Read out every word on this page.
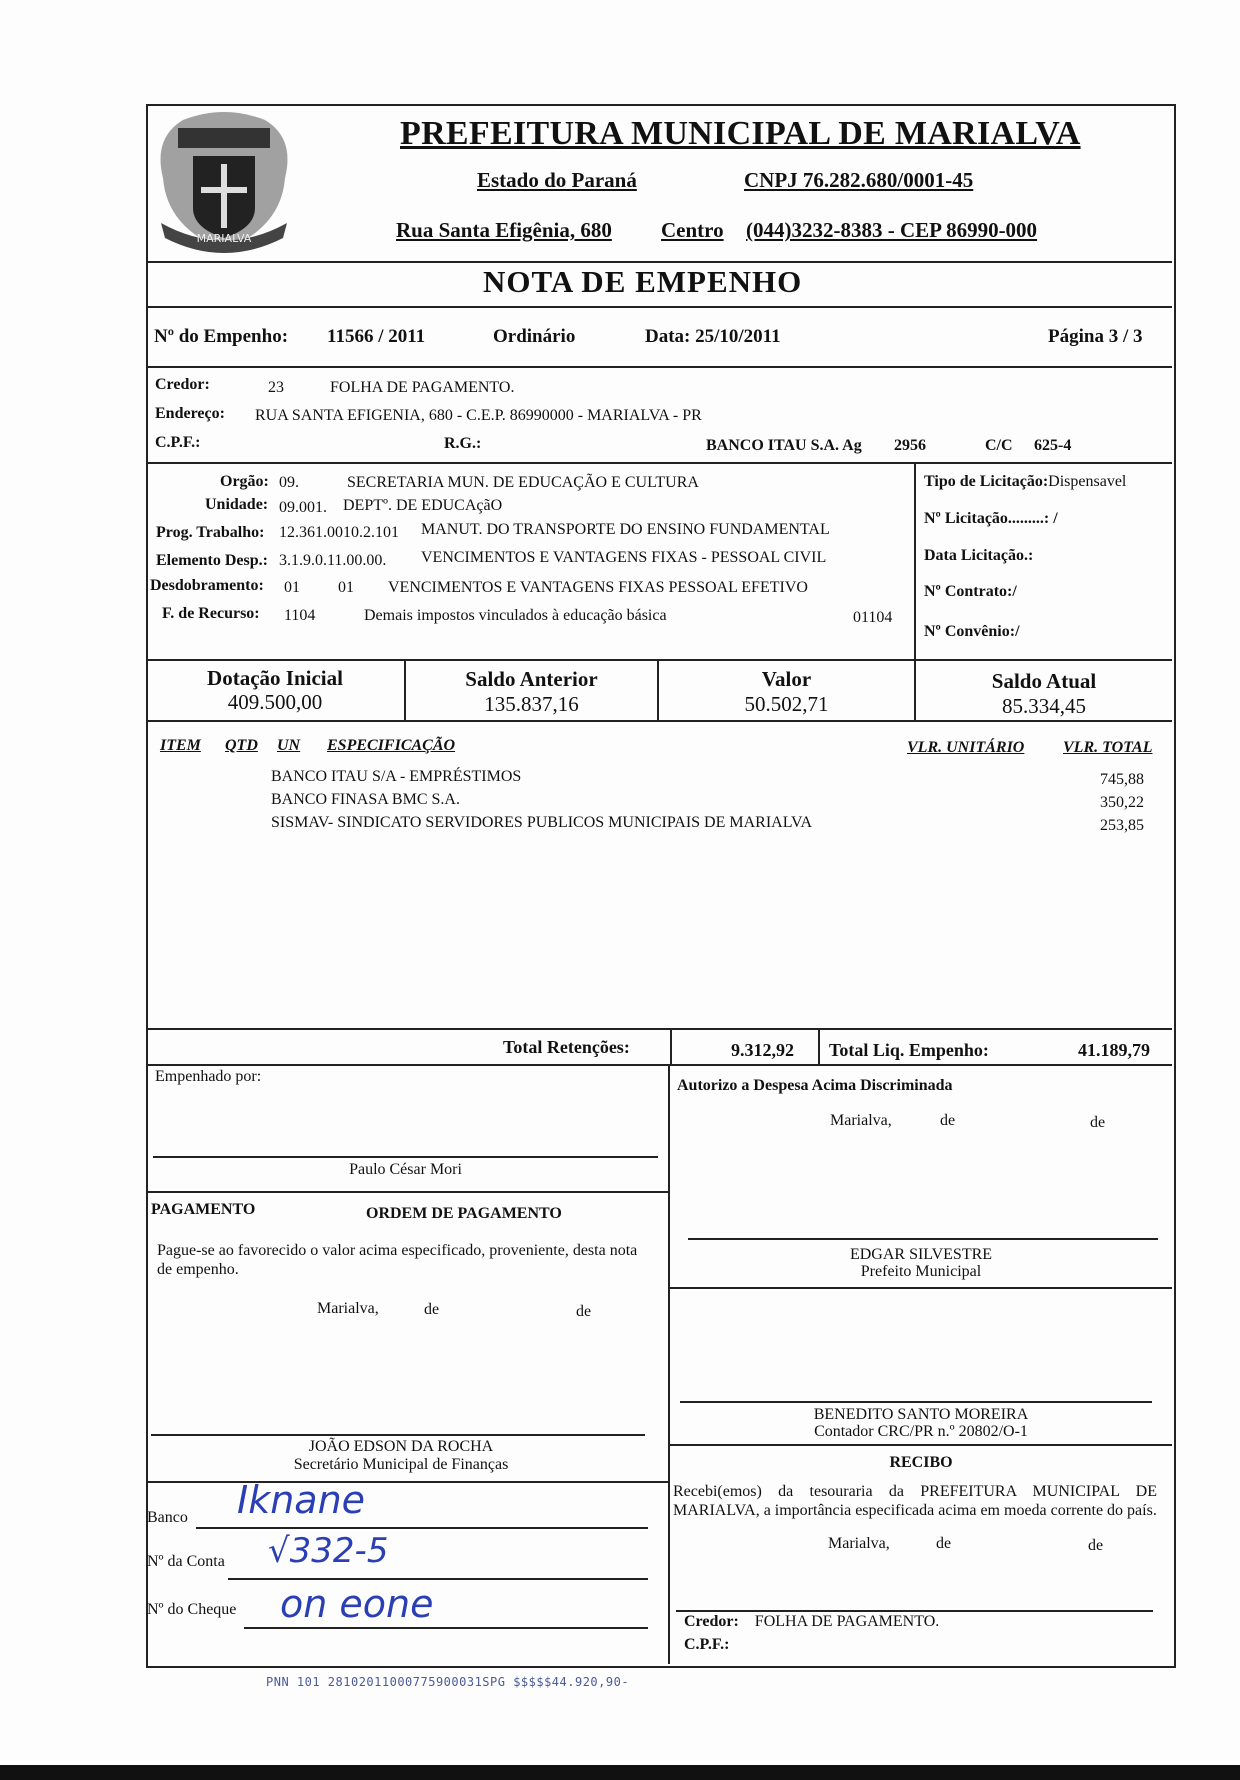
MARIALVA
PREFEITURA MUNICIPAL DE MARIALVA
Estado do Paraná	CNPJ 76.282.680/0001-45
Rua Santa Efigênia, 680 Centro (044)3232-8383 - CEP 86990-000
NOTA DE EMPENHO
Nº do Empenho: 11566 / 2011	Ordinário	Data: 25/10/2011	Página 3 / 3
Credor:	23	FOLHA DE PAGAMENTO.
Endereço: RUA SANTA EFIGENIA, 680 - C.E.P. 86990000 - MARIALVA - PR
C.P.F.:	R.G.:	BANCO ITAU S.A. Ag 2956	C/C 625-4
Orgão: 09.	SECRETARIA MUN. DE EDUCAÇÃO E CULTURA
Unidade: 09.001. DEPTº. DE EDUCAçãO
Prog. Trabalho: 12.361.0010.2.101 MANUT. DO TRANSPORTE DO ENSINO FUNDAMENTAL
Elemento Desp.: 3.1.9.0.11.00.00. VENCIMENTOS E VANTAGENS FIXAS - PESSOAL CIVIL
Desdobramento: 01 01 VENCIMENTOS E VANTAGENS FIXAS PESSOAL EFETIVO
F. de Recurso: 1104	Demais impostos vinculados à educação básica	01104
Tipo de Licitação:Dispensavel
Nº Licitação.........: /
Data Licitação.:
Nº Contrato:/
Nº Convênio:/
Dotação Inicial
409.500,00
Saldo Anterior
135.837,16
Valor
50.502,71
Saldo Atual
85.334,45
ITEM QTD UN ESPECIFICAÇÃO	VLR. UNITÁRIO VLR. TOTAL
BANCO ITAU S/A - EMPRÉSTIMOS	745,88
BANCO FINASA BMC S.A.	350,22
SISMAV- SINDICATO SERVIDORES PUBLICOS MUNICIPAIS DE MARIALVA	253,85
Total Retenções:	9.312,92 Total Liq. Empenho:	41.189,79
Empenhado por:
Paulo César Mori
Autorizo a Despesa Acima Discriminada
Marialva,	de	de
EDGAR SILVESTRE
Prefeito Municipal
PAGAMENTO	ORDEM DE PAGAMENTO
Pague-se ao favorecido o valor acima especificado, proveniente, desta nota de empenho.
Marialva,	de	de
JOÃO EDSON DA ROCHA
Secretário Municipal de Finanças
BENEDITO SANTO MOREIRA
Contador CRC/PR n.º 20802/O-1
Banco Iknane
Nº da Conta √332-5
Nº do Cheque on eone
RECIBO
Recebi(emos) da tesouraria da PREFEITURA MUNICIPAL DE MARIALVA, a importância especificada acima em moeda corrente do país.
Marialva,	de	de
Credor: FOLHA DE PAGAMENTO.
C.P.F.:
PNN 101 28102011000775900031SPG $$$$$44.920,90-
